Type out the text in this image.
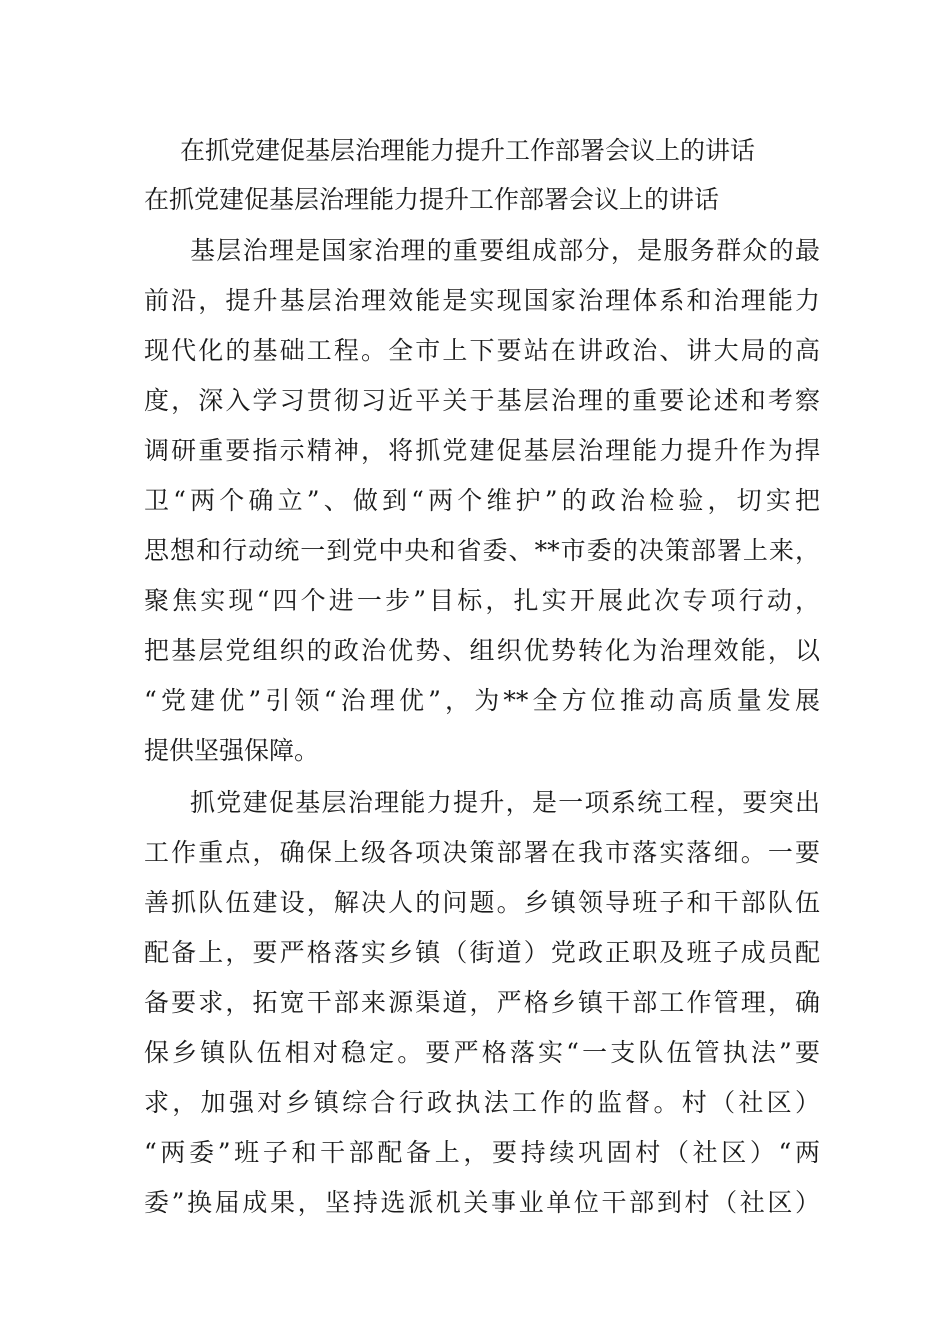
在抓党建促基层治理能力提升工作部署会议上的讲话
在抓党建促基层治理能力提升工作部署会议上的讲话
基层治理是国家治理的重要组成部分，是服务群众的最
前沿，提升基层治理效能是实现国家治理体系和治理能力
现代化的基础工程。全市上下要站在讲政治、讲大局的高
度，深入学习贯彻习近平关于基层治理的重要论述和考察
调研重要指示精神，将抓党建促基层治理能力提升作为捍
卫“两个确立”、做到“两个维护”的政治检验，切实把
思想和行动统一到党中央和省委、**市委的决策部署上来，
聚焦实现“四个进一步”目标，扎实开展此次专项行动，
把基层党组织的政治优势、组织优势转化为治理效能，以
“党建优”引领“治理优”，为**全方位推动高质量发展
提供坚强保障。
抓党建促基层治理能力提升，是一项系统工程，要突出
工作重点，确保上级各项决策部署在我市落实落细。一要
善抓队伍建设，解决人的问题。乡镇领导班子和干部队伍
配备上，要严格落实乡镇（街道）党政正职及班子成员配
备要求，拓宽干部来源渠道，严格乡镇干部工作管理，确
保乡镇队伍相对稳定。要严格落实“一支队伍管执法”要
求，加强对乡镇综合行政执法工作的监督。村（社区）
“两委”班子和干部配备上，要持续巩固村（社区）“两
委”换届成果，坚持选派机关事业单位干部到村（社区）
